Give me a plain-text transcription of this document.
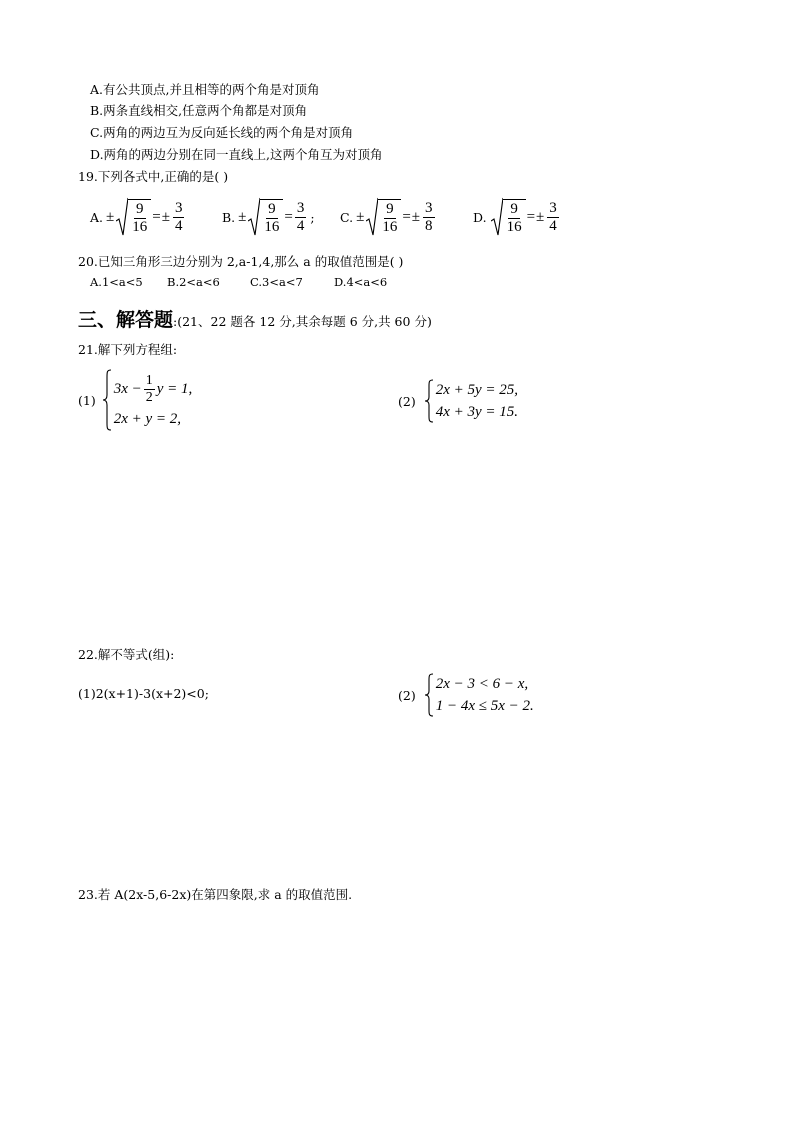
A.有公共顶点,并且相等的两个角是对顶角
B.两条直线相交,任意两个角都是对顶角
C.两角的两边互为反向延长线的两个角是对顶角
D.两角的两边分别在同一直线上,这两个角互为对顶角
19.下列各式中,正确的是( )
A. ± $\frac{9}{16}$ = ± $\frac{3}{4}$	B. ± $\frac{9}{16} = \frac{3}{4}$ ; C. ± $\frac{9}{16}$ = ± $\frac{3}{8}$	D. $\frac{9}{16}$ = ± $\frac{3}{4}$
20.已知三角形三边分别为 2,a-1,4,那么 a 的取值范围是( )
A.1<a<5 B.2<a<6	C.3<a<7	D.4<a<6
三、解答题:(21、22 题各 12 分,其余每题 6 分,共 60 分)
21.解下列方程组:
(1)
$3x - \frac{1}{2}$ y = 1,
2x + y = 2,
(2)
2x + 5y = 25,
4x + 3y = 15.
22.解不等式(组):
(1)2(x+1)-3(x+2)<0;	(2)
2x − 3 < 6 − x,
1 − 4x ≤ 5x − 2.
23.若 A(2x-5,6-2x)在第四象限,求 a 的取值范围.
